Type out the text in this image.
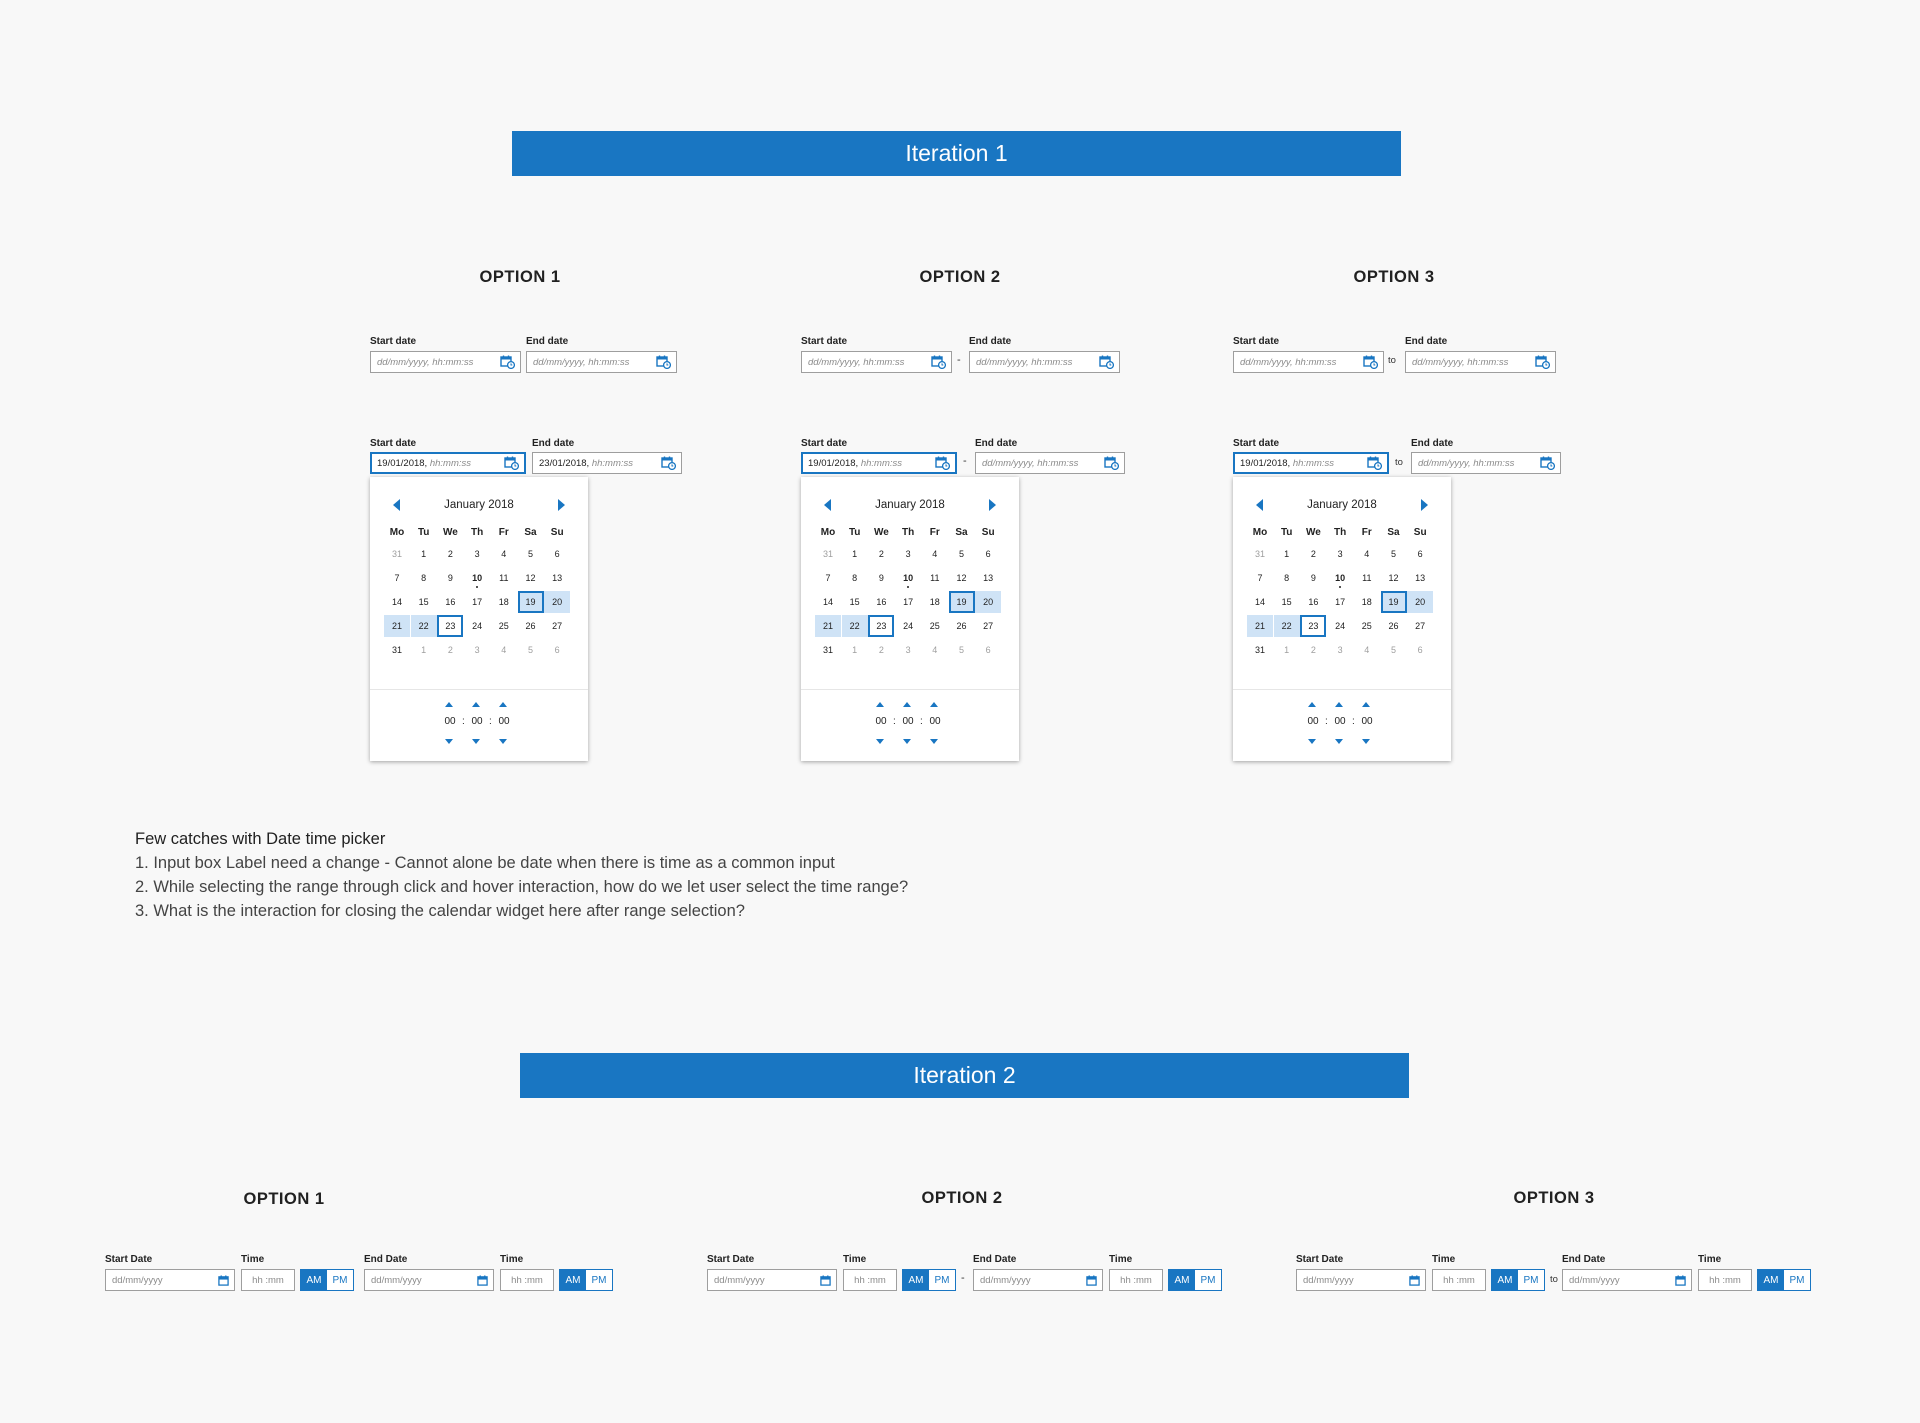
Iteration 1
OPTION 1	OPTION 2	OPTION 3
Start date	End date
dd/mm/yyyy, hh:mm:ss	dd/mm/yyyy, hh:mm:ss
Start date	End date
19/01/2018, hh:mm:ss	23/01/2018, hh:mm:ss
January 2018
Mo	Tu	We	Th	Fr	Sa	Su
31	1	2	3	4	5	6
7	8	9	10	11	12	13
14	15	16	17	18	19	20
21	22	23	24	25	26	27
31	1	2	3	4	5	6
00 : 00 : 00
Start date	End date
dd/mm/yyyy, hh:mm:ss	- dd/mm/yyyy, hh:mm:ss
Start date	End date
19/01/2018, hh:mm:ss	- dd/mm/yyyy, hh:mm:ss
January 2018
Mo	Tu	We	Th	Fr	Sa	Su
31	1	2	3	4	5	6
7	8	9	10	11	12	13
14	15	16	17	18	19	20
21	22	23	24	25	26	27
31	1	2	3	4	5	6
00 : 00 : 00
Start date	End date
dd/mm/yyyy, hh:mm:ss	to dd/mm/yyyy, hh:mm:ss
Start date	End date
19/01/2018, hh:mm:ss	to dd/mm/yyyy, hh:mm:ss
January 2018
Mo	Tu	We	Th	Fr	Sa	Su
31	1	2	3	4	5	6
7	8	9	10	11	12	13
14	15	16	17	18	19	20
21	22	23	24	25	26	27
31	1	2	3	4	5	6
00 : 00 : 00
Few catches with Date time picker
1. Input box Label need a change - Cannot alone be date when there is time as a common input
2. While selecting the range through click and hover interaction, how do we let user select the time range?
3. What is the interaction for closing the calendar widget here after range selection?
Iteration 2
OPTION 1	OPTION 2	OPTION 3
Start Date
dd/mm/yyyy
Time
hh :mm	AM	PM
End Date
dd/mm/yyyy
Time
hh :mm	AM	PM
Start Date
dd/mm/yyyy
Time
hh :mm	AM	PM	-
End Date
dd/mm/yyyy
Time
hh :mm	AM	PM
Start Date
dd/mm/yyyy
Time
hh :mm	AM	PM	to
End Date
dd/mm/yyyy
Time
hh :mm	AM	PM
